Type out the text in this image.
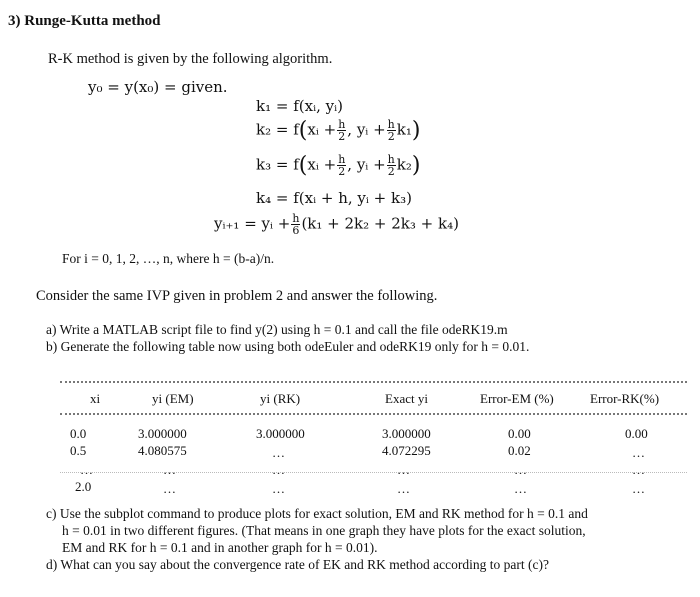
3) Runge-Kutta method
R-K method is given by the following algorithm.
y₀ = y(x₀) = given.
k₁ = f(xᵢ, yᵢ)
k₂ = f(xᵢ + $\frac{h}{2}$ , yᵢ + $\frac{h}{2} k_1$)
k₃ = f(xᵢ + $\frac{h}{2}$ , yᵢ + $\frac{h}{2} k_2$)
k₄ = f(xᵢ + h, yᵢ + k₃)
yᵢ₊₁ = yᵢ + $\frac{h}{6} (k_1 + 2k_2 + 2k_3 + k_4)$
For i = 0, 1, 2, …, n, where h = (b-a)/n.
Consider the same IVP given in problem 2 and answer the following.
a) Write a MATLAB script file to find y(2) using h = 0.1 and call the file odeRK19.m
b) Generate the following table now using both odeEuler and odeRK19 only for h = 0.01.
xi	yi (EM)	yi (RK)	Exact yi	Error-EM (%)	Error-RK(%)
0.0	3.000000	3.000000	3.000000	0.00	0.00
0.5	4.080575	…	4.072295	0.02	…
…	…	…	…	…	…
2.0	…	…	…	…	…
c) Use the subplot command to produce plots for exact solution, EM and RK method for h = 0.1 and
h = 0.01 in two different figures. (That means in one graph they have plots for the exact solution,
EM and RK for h = 0.1 and in another graph for h = 0.01).
d) What can you say about the convergence rate of EK and RK method according to part (c)?
